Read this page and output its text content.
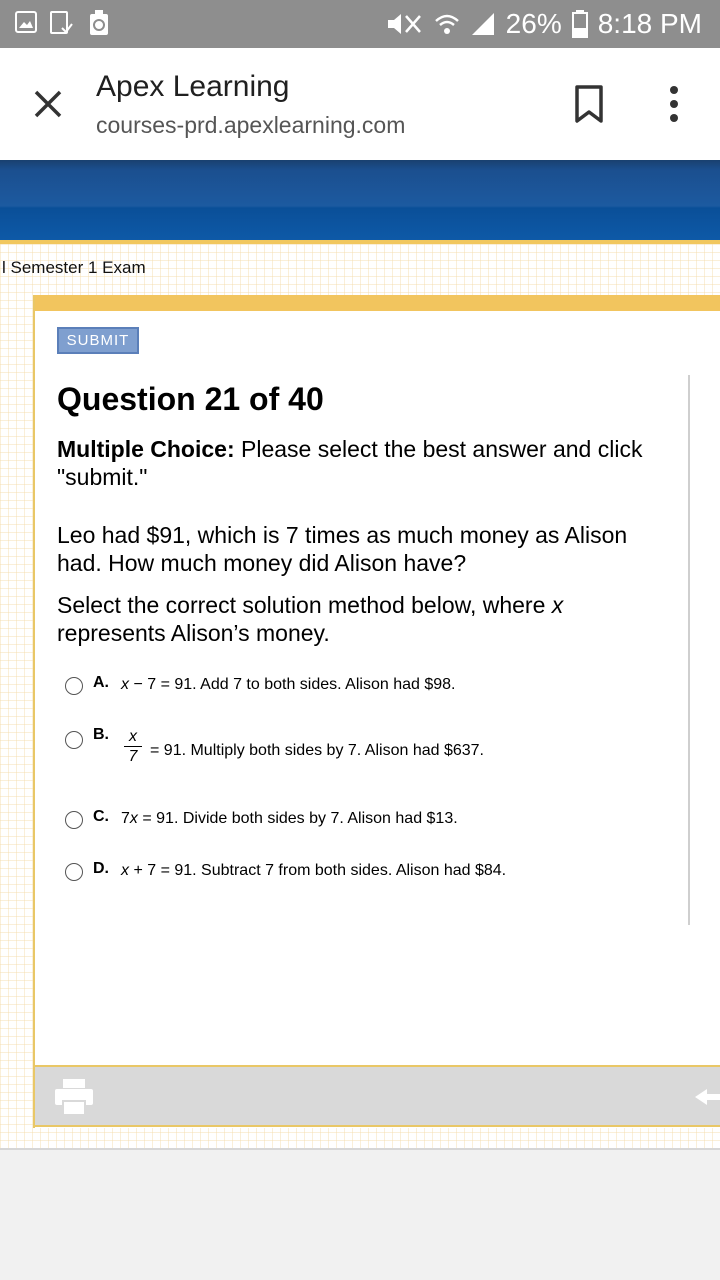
26% 8:18 PM
Apex Learning
courses-prd.apexlearning.com
l Semester 1 Exam
SUBMIT
Question 21 of 40
Multiple Choice: Please select the best answer and click "submit."
Leo had $91, which is 7 times as much money as Alison had. How much money did Alison have?
Select the correct solution method below, where x represents Alison’s money.
A. x − 7 = 91. Add 7 to both sides. Alison had $98.
B.	x
7 = 91. Multiply both sides by 7. Alison had $637.
C. 7x = 91. Divide both sides by 7. Alison had $13.
D. x + 7 = 91. Subtract 7 from both sides. Alison had $84.
